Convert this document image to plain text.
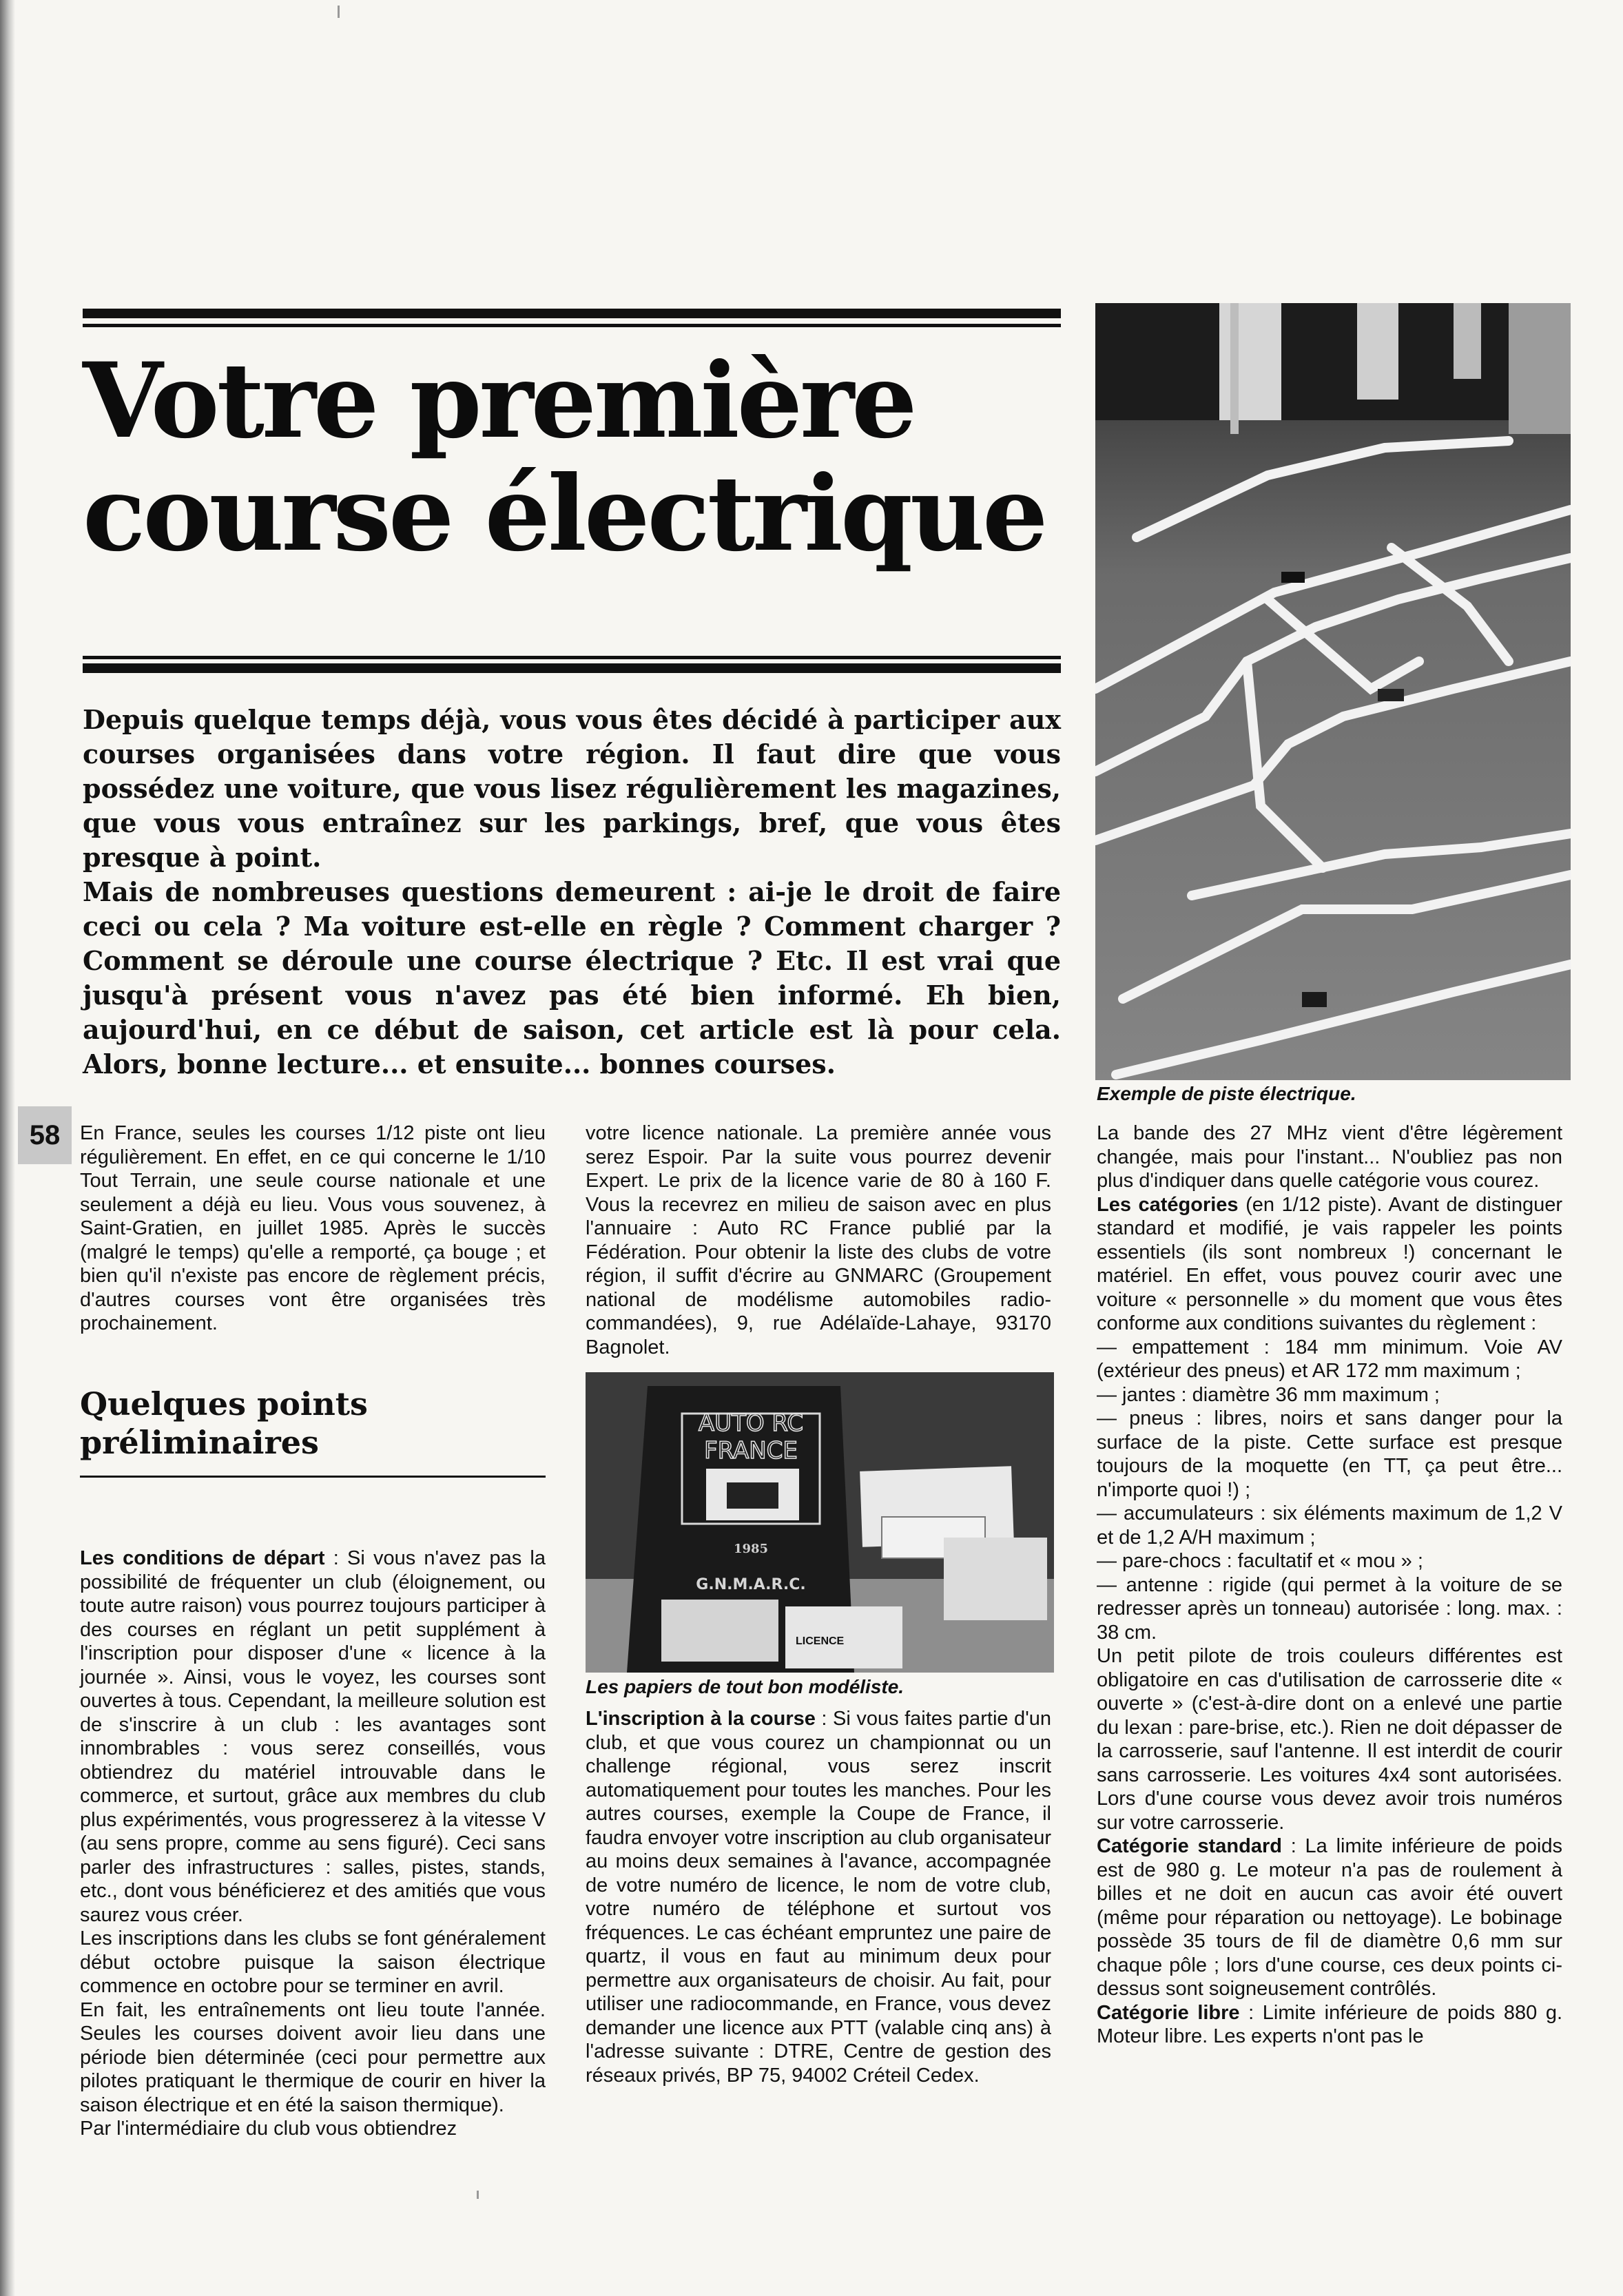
Votre première
course électrique

Depuis quelque temps déjà, vous vous êtes décidé à participer aux courses organisées dans votre région. Il faut dire que vous possédez une voiture, que vous lisez régulièrement les magazines, que vous vous entraînez sur les parkings, bref, que vous êtes presque à point.

Mais de nombreuses questions demeurent : ai-je le droit de faire ceci ou cela ? Ma voiture est-elle en règle ? Comment charger ? Comment se déroule une course électrique ? Etc. Il est vrai que jusqu'à présent vous n'avez pas été bien informé. Eh bien, aujourd'hui, en ce début de saison, cet article est là pour cela. Alors, bonne lecture... et ensuite... bonnes courses.

58
Exemple de piste électrique.

En France, seules les courses 1/12 piste ont lieu régulièrement. En effet, en ce qui concerne le 1/10 Tout Terrain, une seule course nationale et une seulement a déjà eu lieu. Vous vous souvenez, à Saint-Gratien, en juillet 1985. Après le succès (malgré le temps) qu'elle a remporté, ça bouge ; et bien qu'il n'existe pas encore de règlement précis, d'autres courses vont être organisées très prochainement.

Quelques points préliminaires

Les conditions de départ : Si vous n'avez pas la possibilité de fréquenter un club (éloignement, ou toute autre raison) vous pourrez toujours participer à des courses en réglant un petit supplément à l'inscription pour disposer d'une « licence à la journée ». Ainsi, vous le voyez, les courses sont ouvertes à tous. Cependant, la meilleure solution est de s'inscrire à un club : les avantages sont innombrables : vous serez conseillés, vous obtiendrez du matériel introuvable dans le commerce, et surtout, grâce aux membres du club plus expérimentés, vous progresserez à la vitesse V (au sens propre, comme au sens figuré). Ceci sans parler des infrastructures : salles, pistes, stands, etc., dont vous bénéficierez et des amitiés que vous saurez vous créer.

Les inscriptions dans les clubs se font généralement début octobre puisque la saison électrique commence en octobre pour se terminer en avril.

En fait, les entraînements ont lieu toute l'année. Seules les courses doivent avoir lieu dans une période bien déterminée (ceci pour permettre aux pilotes pratiquant le thermique de courir en hiver la saison électrique et en été la saison thermique).

Par l'intermédiaire du club vous obtiendrez

votre licence nationale. La première année vous serez Espoir. Par la suite vous pourrez devenir Expert. Le prix de la licence varie de 80 à 160 F. Vous la recevrez en milieu de saison avec en plus l'annuaire : Auto RC France publié par la Fédération. Pour obtenir la liste des clubs de votre région, il suffit d'écrire au GNMARC (Groupement national de modélisme automobiles radio-commandées), 9, rue Adélaïde-Lahaye, 93170 Bagnolet.

AUTO RC
FRANCE
1985
G.N.M.A.R.C.
LICENCE
Les papiers de tout bon modéliste.

L'inscription à la course : Si vous faites partie d'un club, et que vous courez un championnat ou un challenge régional, vous serez inscrit automatiquement pour toutes les manches. Pour les autres courses, exemple la Coupe de France, il faudra envoyer votre inscription au club organisateur au moins deux semaines à l'avance, accompagnée de votre numéro de licence, le nom de votre club, votre numéro de téléphone et surtout vos fréquences. Le cas échéant empruntez une paire de quartz, il vous en faut au minimum deux pour permettre aux organisateurs de choisir. Au fait, pour utiliser une radiocommande, en France, vous devez demander une licence aux PTT (valable cinq ans) à l'adresse suivante : DTRE, Centre de gestion des réseaux privés, BP 75, 94002 Créteil Cedex.

La bande des 27 MHz vient d'être légèrement changée, mais pour l'instant... N'oubliez pas non plus d'indiquer dans quelle catégorie vous courez.

Les catégories (en 1/12 piste). Avant de distinguer standard et modifié, je vais rappeler les points essentiels (ils sont nombreux !) concernant le matériel. En effet, vous pouvez courir avec une voiture « personnelle » du moment que vous êtes conforme aux conditions suivantes du règlement :

— empattement : 184 mm minimum. Voie AV (extérieur des pneus) et AR 172 mm maximum ;

— jantes : diamètre 36 mm maximum ;

— pneus : libres, noirs et sans danger pour la surface de la piste. Cette surface est presque toujours de la moquette (en TT, ça peut être... n'importe quoi !) ;

— accumulateurs : six éléments maximum de 1,2 V et de 1,2 A/H maximum ;

— pare-chocs : facultatif et « mou » ;

— antenne : rigide (qui permet à la voiture de se redresser après un tonneau) autorisée : long. max. : 38 cm.

Un petit pilote de trois couleurs différentes est obligatoire en cas d'utilisation de carrosserie dite « ouverte » (c'est-à-dire dont on a enlevé une partie du lexan : pare-brise, etc.). Rien ne doit dépasser de la carrosserie, sauf l'antenne. Il est interdit de courir sans carrosserie. Les voitures 4x4 sont autorisées. Lors d'une course vous devez avoir trois numéros sur votre carrosserie.

Catégorie standard : La limite inférieure de poids est de 980 g. Le moteur n'a pas de roulement à billes et ne doit en aucun cas avoir été ouvert (même pour réparation ou nettoyage). Le bobinage possède 35 tours de fil de diamètre 0,6 mm sur chaque pôle ; lors d'une course, ces deux points ci-dessus sont soigneusement contrôlés.

Catégorie libre : Limite inférieure de poids 880 g. Moteur libre. Les experts n'ont pas le
